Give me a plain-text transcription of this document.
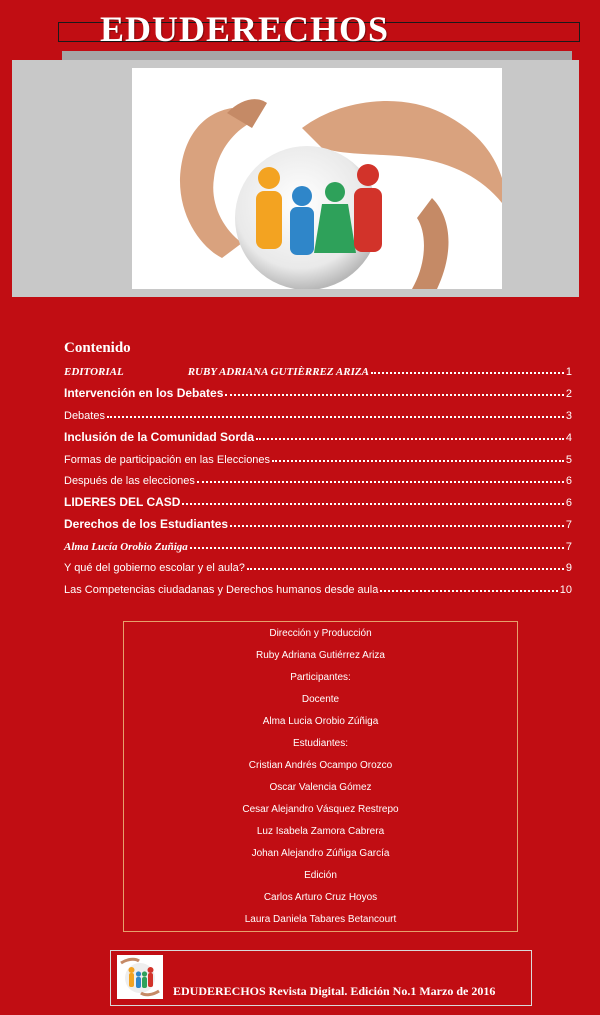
EDUDERECHOS
Contenido
EDITORIAL	RUBY ADRIANA GUTIÈRREZ ARIZA	1
Intervención en los Debates	2
Debates	3
Inclusión de la Comunidad Sorda	4
Formas de participación en las Elecciones	5
Después de las elecciones	6
LIDERES DEL CASD	6
Derechos de los Estudiantes	7
Alma Lucía Orobio Zuñiga	7
Y qué del gobierno escolar y el aula?	9
Las Competencias ciudadanas y Derechos humanos desde aula	10
Dirección y Producción
Ruby Adriana Gutiérrez Ariza
Participantes:
Docente
Alma Lucia Orobio Zúñiga
Estudiantes:
Cristian Andrés Ocampo Orozco
Oscar Valencia Gómez
Cesar Alejandro Vásquez Restrepo
Luz Isabela Zamora Cabrera
Johan Alejandro Zúñiga García
Edición
Carlos Arturo Cruz Hoyos
Laura Daniela Tabares Betancourt
EDUDERECHOS Revista Digital. Edición No.1 Marzo de 2016
